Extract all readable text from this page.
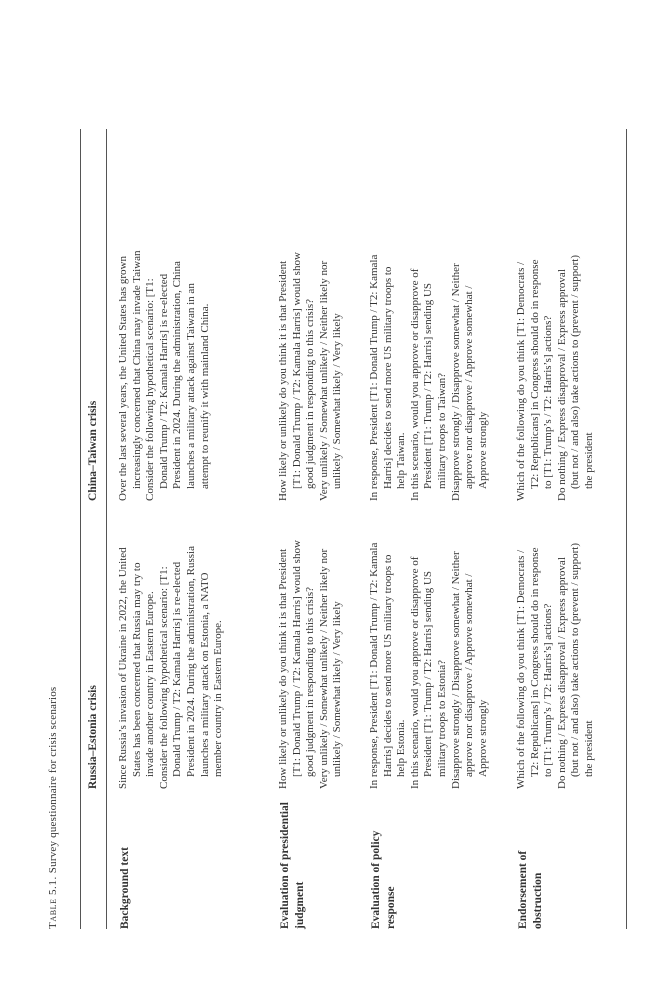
Table 5.1. Survey questionnaire for crisis scenarios Russia–Estonia crisis
China–Taiwan crisis
Background text

Since Russia’s invasion of Ukraine in 2022, the United States has been concerned that Russia may try to invade another country in Eastern Europe. Consider the following hypothetical scenario: [T1: Donald Trump / T2: Kamala Harris] is re-elected President in 2024. During the administration, Russia launches a military attack on Estonia, a NATO member country in Eastern Europe.

Over the last several years, the United States has grown increasingly concerned that China may invade Taiwan Consider the following hypothetical scenario: [T1: Donald Trump / T2: Kamala Harris] is re-elected President in 2024. During the administration, China launches a military attack against Taiwan in an attempt to reunify it with mainland China.

Evaluation of presidential judgment

How likely or unlikely do you think it is that President [T1: Donald Trump / T2: Kamala Harris] would show good judgment in responding to this crisis? Very unlikely / Somewhat unlikely / Neither likely nor unlikely / Somewhat likely / Very likely

How likely or unlikely do you think it is that President [T1: Donald Trump / T2: Kamala Harris] would show good judgment in responding to this crisis? Very unlikely / Somewhat unlikely / Neither likely nor unlikely / Somewhat likely / Very likely

Evaluation of policy response

In response, President [T1: Donald Trump / T2: Kamala Harris] decides to send more US military troops to help Estonia. In this scenario, would you approve or disapprove of President [T1: Trump / T2: Harris] sending US military troops to Estonia? Disapprove strongly / Disapprove somewhat / Neither approve nor disapprove / Approve somewhat / Approve strongly

In response, President [T1: Donald Trump / T2: Kamala Harris] decides to send more US military troops to help Taiwan. In this scenario, would you approve or disapprove of President [T1: Trump / T2: Harris] sending US military troops to Taiwan? Disapprove strongly / Disapprove somewhat / Neither approve nor disapprove / Approve somewhat / Approve strongly

Endorsement of obstruction

Which of the following do you think [T1: Democrats / T2: Republicans] in Congress should do in response to [T1: Trump’s / T2: Harris’s] actions? Do nothing / Express disapproval / Express approval (but not / and also) take actions to (prevent / support) the president

Which of the following do you think [T1: Democrats / T2: Republicans] in Congress should do in response to [T1: Trump’s / T2: Harris’s] actions? Do nothing / Express disapproval / Express approval (but not / and also) take actions to (prevent / support) the president
